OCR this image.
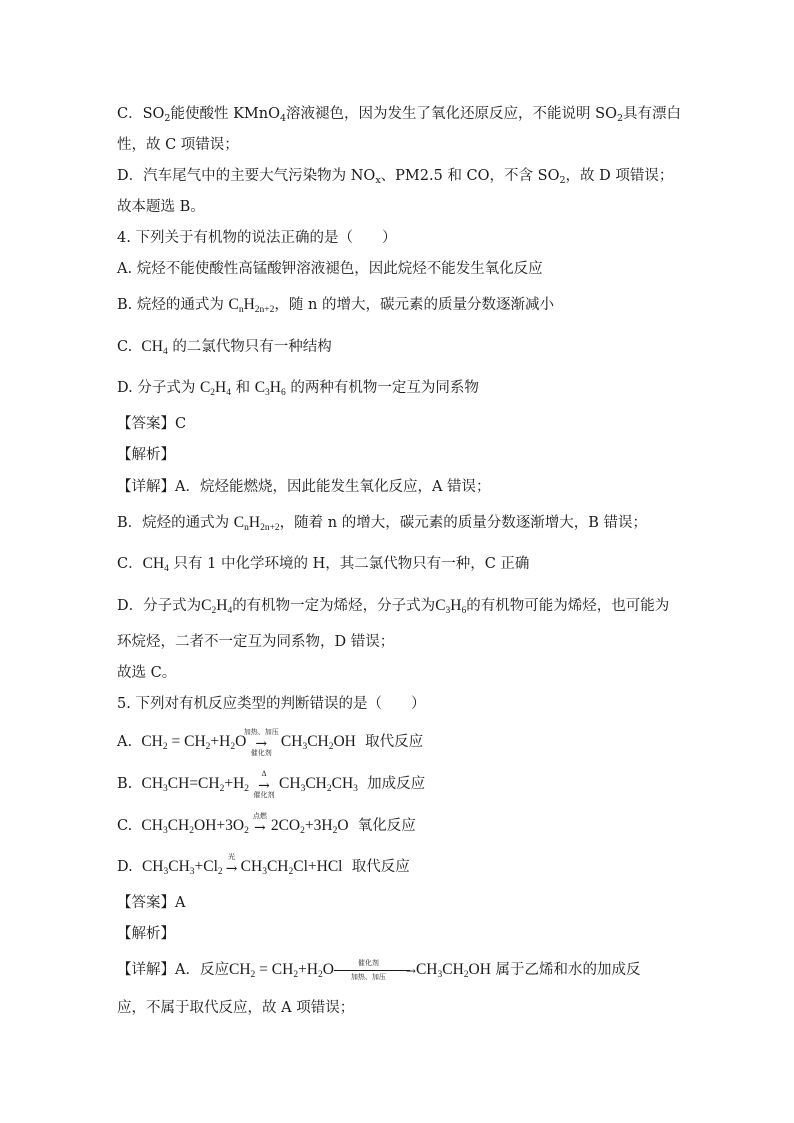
C．$SO_2$能使酸性 KMnO$_4$溶液褪色，因为发生了氧化还原反应，不能说明 $SO_2$具有漂白
性，故 C 项错误；
D．汽车尾气中的主要大气污染物为 $NO_x$、PM2.5 和 CO，不含 $SO_2$，故 D 项错误；
故本题选 B。
4. 下列关于有机物的说法正确的是（　　）
A. 烷烃不能使酸性高锰酸钾溶液褪色，因此烷烃不能发生氧化反应
B. 烷烃的通式为 $C_nH_{2n+2}$，随 n 的增大，碳元素的质量分数逐渐减小
C. $CH_4$ 的二氯代物只有一种结构
D. 分子式为 $C_2H_4$ 和 $C_3H_6$ 的两种有机物一定互为同系物
【答案】C
【解析】
【详解】A．烷烃能燃烧，因此能发生氧化反应，A 错误；
B．烷烃的通式为 $C_nH_{2n+2}$，随着 n 的增大，碳元素的质量分数逐渐增大，B 错误；
C．$CH_4$ 只有 1 中化学环境的 H，其二氯代物只有一种，C 正确
D．分子式为$C_2H_4$的有机物一定为烯烃，分子式为$C_3H_6$的有机物可能为烯烃，也可能为
环烷烃，二者不一定互为同系物，D 错误；
故选 C。
5. 下列对有机反应类型的判断错误的是（　　）
A. $CH_2 = CH_2+H_2O$
加热、加压
→
催化剂
$CH_3CH_2OH$ 取代反应
B. $CH_3CH=CH_2+H_2$
Δ
→
催化剂
$CH_3CH_2CH_3$ 加成反应
C. $CH_3CH_2OH+3O_2$
点燃
→ $2CO_2+3H_2O$ 氧化反应
D. $CH_3CH_3+Cl_2$
光
→ $CH_3CH_2Cl+HCl$ 取代反应
【答案】A
【解析】
【详解】A．反应$CH_2 = CH_2+H_2O$	催化剂
→
加热、加压 $CH_3CH_2OH$ 属于乙烯和水的加成反
应，不属于取代反应，故 A 项错误；
